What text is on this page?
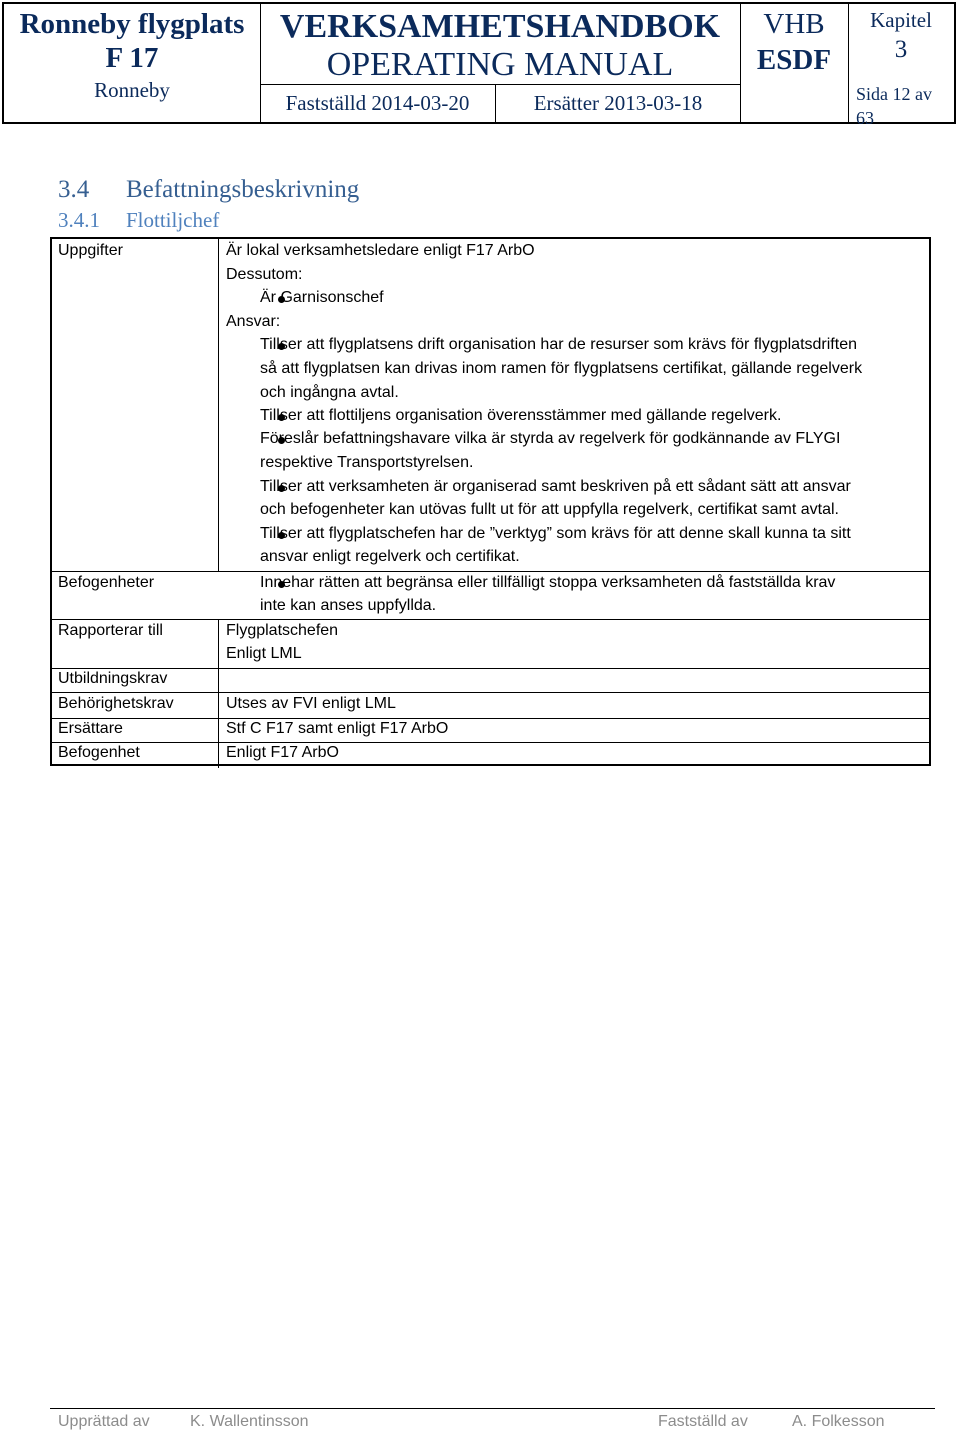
Ronneby flygplats
F 17
Ronneby
VERKSAMHETSHANDBOK
OPERATING MANUAL
Fastställd 2014-03-20	Ersätter 2013-03-18
VHB
ESDF
Kapitel
3
Sida 12 av
63
3.4 Befattningsbeskrivning
3.4.1 Flottiljchef
Uppgifter	Är lokal verksamhetsledare enligt F17 ArbO
Dessutom:
Är Garnisonschef
Ansvar:
Tillser att flygplatsens drift organisation har de resurser som krävs för flygplatsdriften
så att flygplatsen kan drivas inom ramen för flygplatsens certifikat, gällande regelverk
och ingångna avtal.
Tillser att flottiljens organisation överensstämmer med gällande regelverk.
Föreslår befattningshavare vilka är styrda av regelverk för godkännande av FLYGI
respektive Transportstyrelsen.
Tillser att verksamheten är organiserad samt beskriven på ett sådant sätt att ansvar
och befogenheter kan utövas fullt ut för att uppfylla regelverk, certifikat samt avtal.
Tillser att flygplatschefen har de ”verktyg” som krävs för att denne skall kunna ta sitt
ansvar enligt regelverk och certifikat.
Befogenheter	Innehar rätten att begränsa eller tillfälligt stoppa verksamheten då fastställda krav
inte kan anses uppfyllda.
Rapporterar till	Flygplatschefen
Enligt LML
Utbildningskrav
Behörighetskrav	Utses av FVI enligt LML
Ersättare	Stf C F17 samt enligt F17 ArbO
Befogenhet	Enligt F17 ArbO
Upprättad av	K. Wallentinsson	Fastställd av	A. Folkesson
